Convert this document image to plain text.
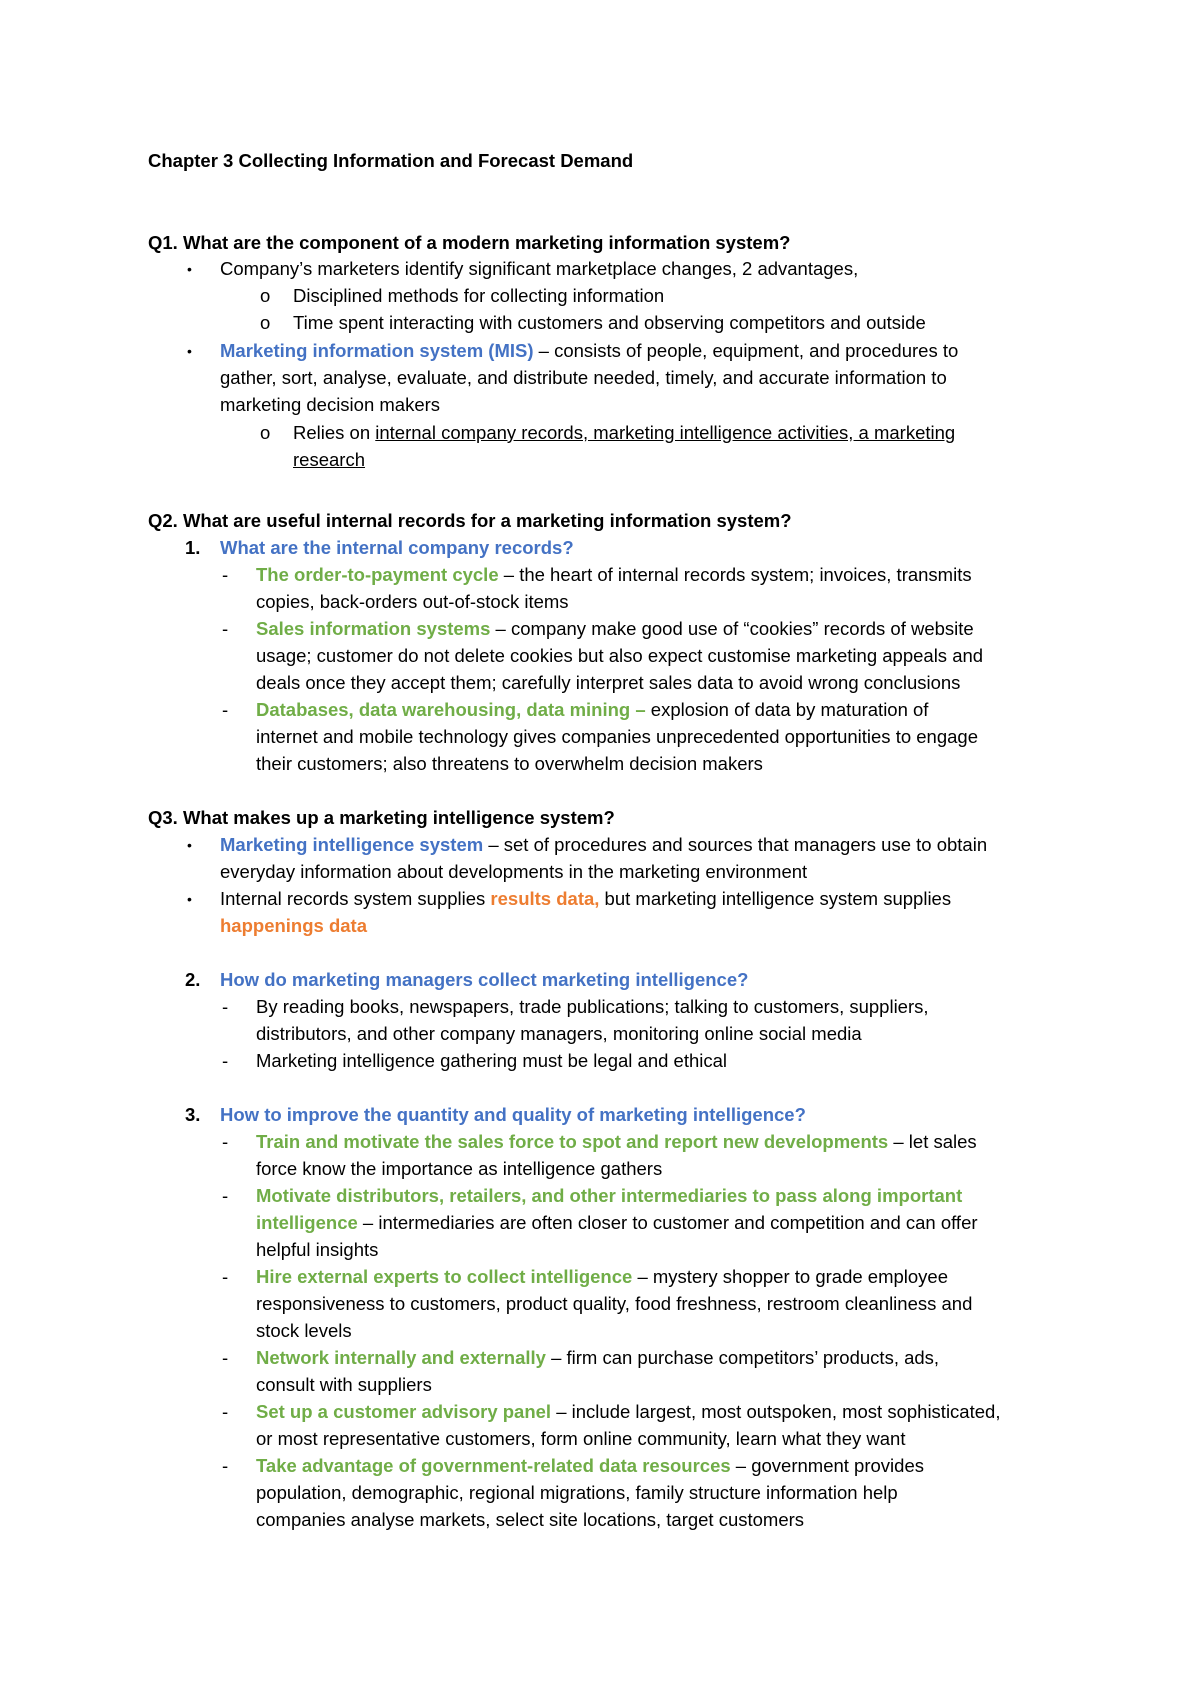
Chapter 3 Collecting Information and Forecast Demand
Q1. What are the component of a modern marketing information system?
• Company’s marketers identify significant marketplace changes, 2 advantages,
o Disciplined methods for collecting information
o Time spent interacting with customers and observing competitors and outside
• Marketing information system (MIS) – consists of people, equipment, and procedures to
gather, sort, analyse, evaluate, and distribute needed, timely, and accurate information to
marketing decision makers
o Relies on internal company records, marketing intelligence activities, a marketing
research
Q2. What are useful internal records for a marketing information system?
1. What are the internal company records?
- The order-to-payment cycle – the heart of internal records system; invoices, transmits
copies, back-orders out-of-stock items
- Sales information systems – company make good use of “cookies” records of website
usage; customer do not delete cookies but also expect customise marketing appeals and
deals once they accept them; carefully interpret sales data to avoid wrong conclusions
- Databases, data warehousing, data mining – explosion of data by maturation of
internet and mobile technology gives companies unprecedented opportunities to engage
their customers; also threatens to overwhelm decision makers
Q3. What makes up a marketing intelligence system?
• Marketing intelligence system – set of procedures and sources that managers use to obtain
everyday information about developments in the marketing environment
• Internal records system supplies results data, but marketing intelligence system supplies
happenings data
2. How do marketing managers collect marketing intelligence?
- By reading books, newspapers, trade publications; talking to customers, suppliers,
distributors, and other company managers, monitoring online social media
- Marketing intelligence gathering must be legal and ethical
3. How to improve the quantity and quality of marketing intelligence?
- Train and motivate the sales force to spot and report new developments – let sales
force know the importance as intelligence gathers
- Motivate distributors, retailers, and other intermediaries to pass along important
intelligence – intermediaries are often closer to customer and competition and can offer
helpful insights
- Hire external experts to collect intelligence – mystery shopper to grade employee
responsiveness to customers, product quality, food freshness, restroom cleanliness and
stock levels
- Network internally and externally – firm can purchase competitors’ products, ads,
consult with suppliers
- Set up a customer advisory panel – include largest, most outspoken, most sophisticated,
or most representative customers, form online community, learn what they want
- Take advantage of government-related data resources – government provides
population, demographic, regional migrations, family structure information help
companies analyse markets, select site locations, target customers
